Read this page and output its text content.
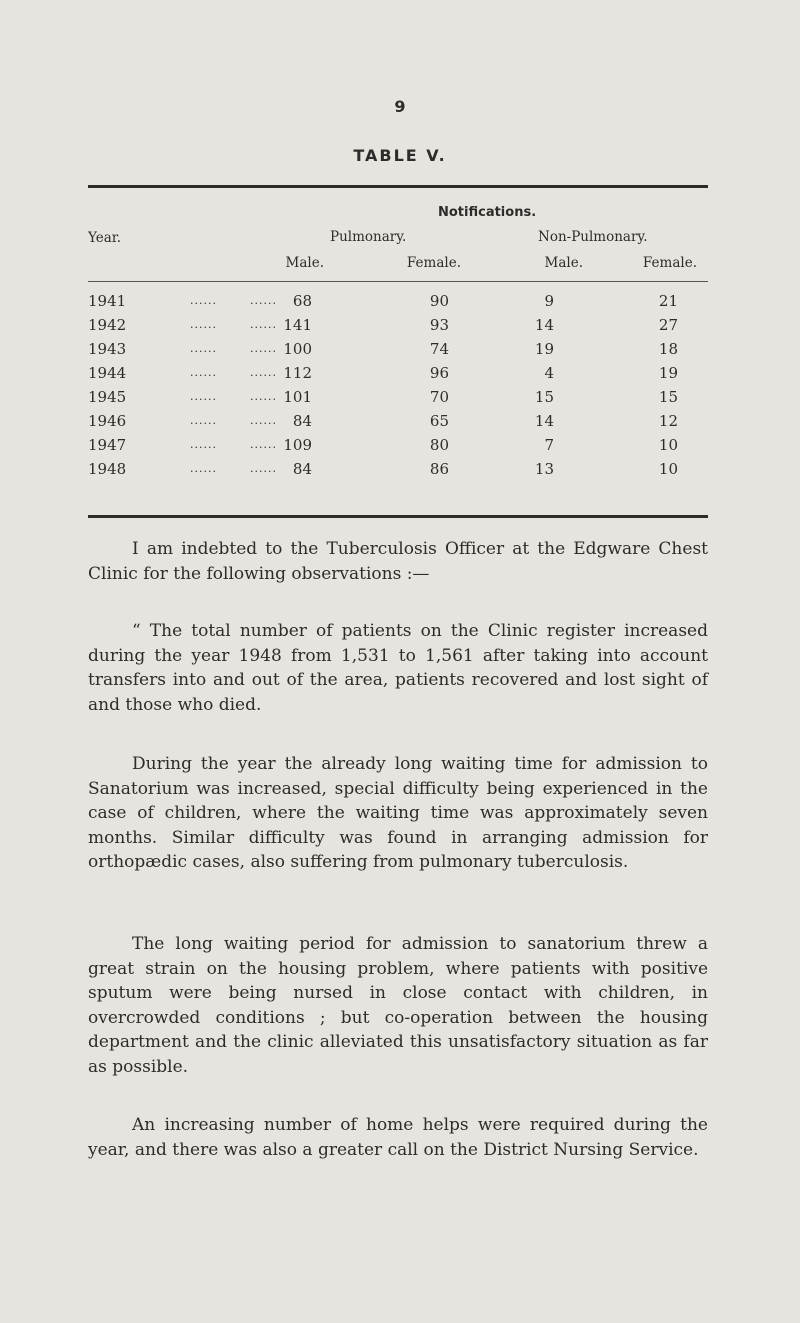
9
TABLE V.
Notifications.
Year.	Pulmonary.	Non-Pulmonary.
Male.	Female.	Male.	Female.
1941	......	...... 68	90	9	21
1942	......	...... 141	93	14	27
1943	......	...... 100	74	19	18
1944	......	...... 112	96	4	19
1945	......	...... 101	70	15	15
1946	......	...... 84	65	14	12
1947	......	...... 109	80	7	10
1948	......	...... 84	86	13	10

I am indebted to the Tuberculosis Officer at the Edgware Chest Clinic for the following observations :—

“ The total number of patients on the Clinic register increased during the year 1948 from 1,531 to 1,561 after taking into account transfers into and out of the area, patients recovered and lost sight of and those who died.

During the year the already long waiting time for admission to Sanatorium was increased, special difficulty being experienced in the case of children, where the waiting time was approximately seven months. Similar difficulty was found in arranging admission for orthopædic cases, also suffering from pulmonary tuberculosis.

The long waiting period for admission to sanatorium threw a great strain on the housing problem, where patients with positive sputum were being nursed in close contact with children, in overcrowded conditions ; but co-operation between the housing department and the clinic alleviated this unsatisfactory situation as far as possible.

An increasing number of home helps were required during the year, and there was also a greater call on the District Nursing Service.
